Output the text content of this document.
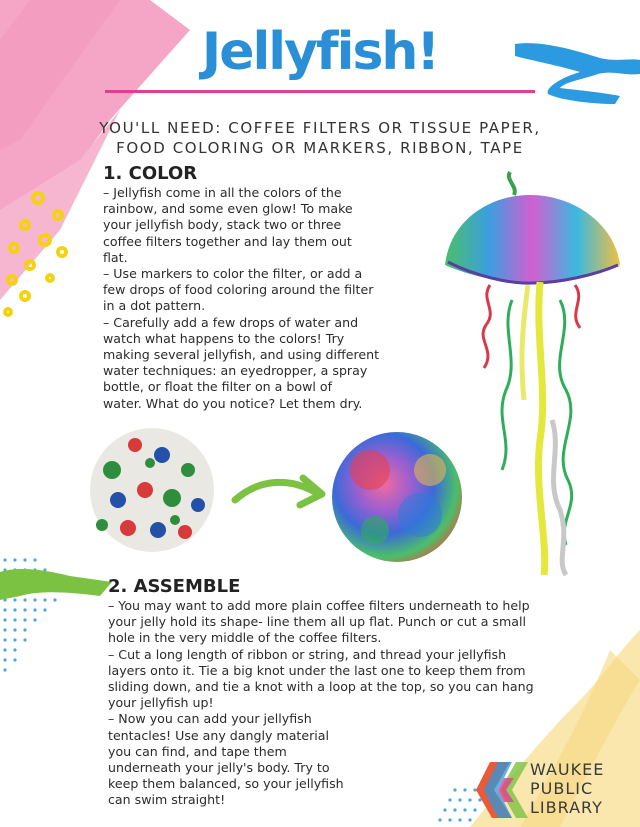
Jellyfish!
YOU'LL NEED: COFFEE FILTERS OR TISSUE PAPER,
FOOD COLORING OR MARKERS, RIBBON, TAPE
1. COLOR
– Jellyfish come in all the colors of the
rainbow, and some even glow! To make
your jellyfish body, stack two or three
coffee filters together and lay them out
flat.
– Use markers to color the filter, or add a
few drops of food coloring around the filter
in a dot pattern.
– Carefully add a few drops of water and
watch what happens to the colors! Try
making several jellyfish, and using different
water techniques: an eyedropper, a spray
bottle, or float the filter on a bowl of
water. What do you notice? Let them dry.
2. ASSEMBLE
– You may want to add more plain coffee filters underneath to help
your jelly hold its shape- line them all up flat. Punch or cut a small
hole in the very middle of the coffee filters.
– Cut a long length of ribbon or string, and thread your jellyfish
layers onto it. Tie a big knot under the last one to keep them from
sliding down, and tie a knot with a loop at the top, so you can hang
your jellyfish up!
– Now you can add your jellyfish
tentacles! Use any dangly material
you can find, and tape them
underneath your jelly's body. Try to
keep them balanced, so your jellyfish
can swim straight!
WAUKEE
PUBLIC
LIBRARY
